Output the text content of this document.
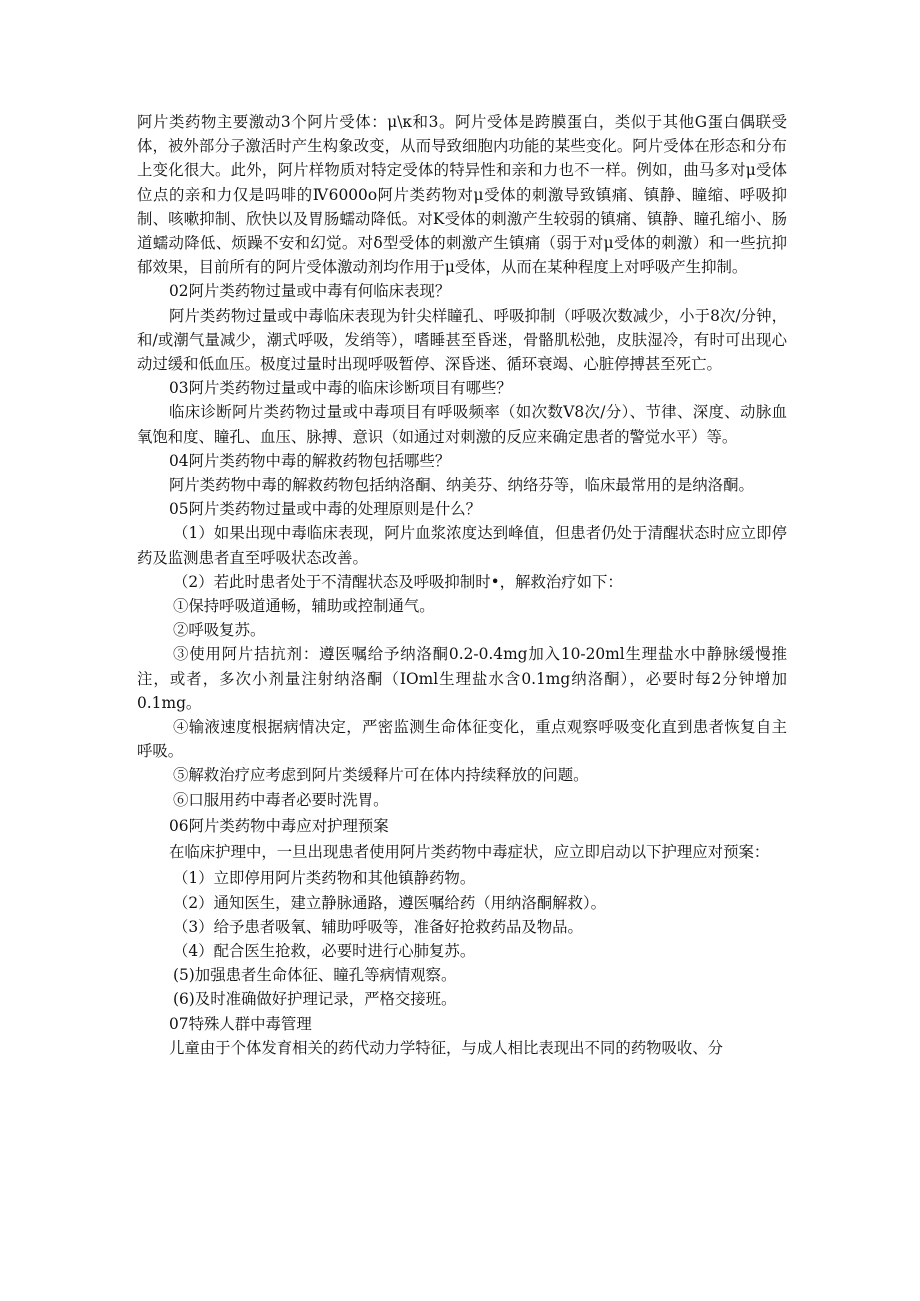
阿片类药物主要激动3个阿片受体：μ\κ和3。阿片受体是跨膜蛋白，类似于其他G蛋白偶联受体，被外部分子激活时产生构象改变，从而导致细胞内功能的某些变化。阿片受体在形态和分布上变化很大。此外，阿片样物质对特定受体的特异性和亲和力也不一样。例如，曲马多对μ受体位点的亲和力仅是吗啡的Ⅳ6000o阿片类药物对μ受体的刺激导致镇痛、镇静、瞳缩、呼吸抑制、咳嗽抑制、欣快以及胃肠蠕动降低。对K受体的刺激产生较弱的镇痛、镇静、瞳孔缩小、肠道蠕动降低、烦躁不安和幻觉。对δ型受体的刺激产生镇痛（弱于对μ受体的刺激）和一些抗抑郁效果，目前所有的阿片受体激动剂均作用于μ受体，从而在某种程度上对呼吸产生抑制。

02阿片类药物过量或中毒有何临床表现？

阿片类药物过量或中毒临床表现为针尖样瞳孔、呼吸抑制（呼吸次数减少，小于8次/分钟，和/或潮气量减少，潮式呼吸，发绡等），嗜睡甚至昏迷，骨骼肌松弛，皮肤湿冷，有时可出现心动过缓和低血压。极度过量时出现呼吸暂停、深昏迷、循环衰竭、心脏停搏甚至死亡。

03阿片类药物过量或中毒的临床诊断项目有哪些？

临床诊断阿片类药物过量或中毒项目有呼吸频率（如次数V8次/分）、节律、深度、动脉血氧饱和度、瞳孔、血压、脉搏、意识（如通过对刺激的反应来确定患者的警觉水平）等。

04阿片类药物中毒的解救药物包括哪些？

阿片类药物中毒的解救药物包括纳洛酮、纳美芬、纳络芬等，临床最常用的是纳洛酮。

05阿片类药物过量或中毒的处理原则是什么？

（1）如果出现中毒临床表现，阿片血浆浓度达到峰值，但患者仍处于清醒状态时应立即停药及监测患者直至呼吸状态改善。

（2）若此时患者处于不清醒状态及呼吸抑制时•，解救治疗如下：

①保持呼吸道通畅，辅助或控制通气。

②呼吸复苏。

③使用阿片拮抗剂：遵医嘱给予纳洛酮0.2-0.4mg加入10-20ml生理盐水中静脉缓慢推注，或者，多次小剂量注射纳洛酮（IOml生理盐水含0.1mg纳洛酮），必要时每2分钟增加0.1mg。

④输液速度根据病情决定，严密监测生命体征变化，重点观察呼吸变化直到患者恢复自主呼吸。

⑤解救治疗应考虑到阿片类缓释片可在体内持续释放的问题。

⑥口服用药中毒者必要时洗胃。

06阿片类药物中毒应对护理预案

在临床护理中，一旦出现患者使用阿片类药物中毒症状，应立即启动以下护理应对预案：

（1）立即停用阿片类药物和其他镇静药物。

（2）通知医生，建立静脉通路，遵医嘱给药（用纳洛酮解救）。

（3）给予患者吸氧、辅助呼吸等，准备好抢救药品及物品。

（4）配合医生抢救，必要时进行心肺复苏。

(5)加强患者生命体征、瞳孔等病情观察。

(6)及时准确做好护理记录，严格交接班。

07特殊人群中毒管理

儿童由于个体发育相关的药代动力学特征，与成人相比表现出不同的药物吸收、分
